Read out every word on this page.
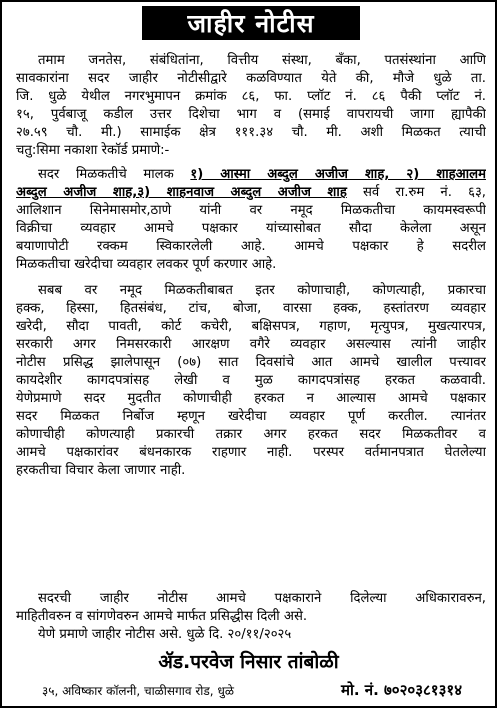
जाहीर नोटीस
तमाम जनतेस, संबंधितांना, वित्तीय संस्था, बँका, पतसंस्थांना आणि
सावकारांना सदर जाहीर नोटीसीद्वारे कळविण्यात येते की, मौजे धुळे ता.
जि. धुळे येथील नगरभुमापन क्रमांक ८६, फा. प्लॉट नं. ८६ पैकी प्लॉट नं.
१५, पुर्वबाजू कडील उत्तर दिशेचा भाग व (समाई वापरायची जागा ह्यापैकी
२७.५९ चौ. मी.) सामाईक क्षेत्र १११.३४ चौ. मी. अशी मिळकत त्याची
चतु:सिमा नकाशा रेकॉर्ड प्रमाणे:-
सदर मिळकतीचे मालक १) आस्मा अब्दुल अजीज शाह, २) शाहआलम
अब्दुल अजीज शाह,३) शाहनवाज अब्दुल अजीज शाह सर्व रा.रुम नं. ६३,
आलिशान सिनेमासमोर,ठाणे यांनी वर नमूद मिळकतीचा कायमस्वरूपी
विक्रीचा व्यवहार आमचे पक्षकार यांच्यासोबत सौदा केलेला असून
बयाणापोटी रक्कम स्विकारलेली आहे. आमचे पक्षकार हे सदरील
मिळकतीचा खरेदीचा व्यवहार लवकर पूर्ण करणार आहे.
सबब वर नमूद मिळकतीबाबत इतर कोणाचाही, कोणत्याही, प्रकारचा
हक्क, हिस्सा, हितसंबंध, टांच, बोजा, वारसा हक्क, हस्तांतरण व्यवहार
खरेदी, सौदा पावती, कोर्ट कचेरी, बक्षिसपत्र, गहाण, मृत्युपत्र, मुखत्यारपत्र,
सरकारी अगर निमसरकारी आरक्षण वगैरे व्यवहार असल्यास त्यांनी जाहीर
नोटीस प्रसिद्ध झालेपासून (०७) सात दिवसांचे आत आमचे खालील पत्त्यावर
कायदेशीर कागदपत्रांसह लेखी व मुळ कागदपत्रांसह हरकत कळवावी.
येणेप्रमाणे सदर मुदतीत कोणाचीही हरकत न आल्यास आमचे पक्षकार
सदर मिळकत निर्बोज म्हणून खरेदीचा व्यवहार पूर्ण करतील. त्यानंतर
कोणाचीही कोणत्याही प्रकारची तक्रार अगर हरकत सदर मिळकतीवर व
आमचे पक्षकारांवर बंधनकारक राहणार नाही. परस्पर वर्तमानपत्रात घेतलेल्या
हरकतीचा विचार केला जाणार नाही.
सदरची जाहीर नोटीस आमचे पक्षकाराने दिलेल्या अधिकारावरुन,
माहितीवरुन व सांगणेवरुन आमचे मार्फत प्रसिद्धीस दिली असे.
येणे प्रमाणे जाहीर नोटीस असे. धुळे दि. २०/११/२०२५
ॲड.परवेज निसार तांबोळी
३५, अविष्कार कॉलनी, चाळीसगाव रोड, धुळे	मो. नं. ७०२०३८१३१४
